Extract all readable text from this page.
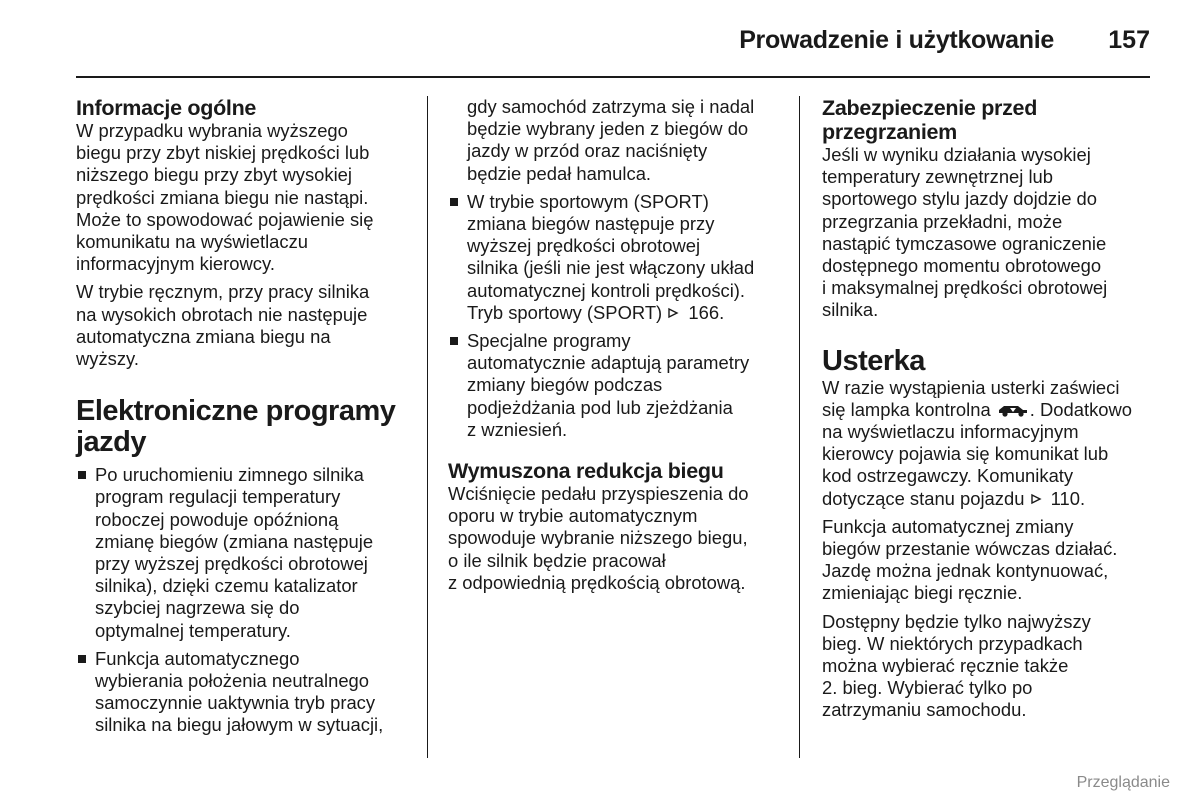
Prowadzenie i użytkowanie 157
Informacje ogólne

W przypadku wybrania wyższego
biegu przy zbyt niskiej prędkości lub
niższego biegu przy zbyt wysokiej
prędkości zmiana biegu nie nastąpi.
Może to spowodować pojawienie się
komunikatu na wyświetlaczu
informacyjnym kierowcy.

W trybie ręcznym, przy pracy silnika
na wysokich obrotach nie następuje
automatyczna zmiana biegu na
wyższy.

Elektroniczne programy
jazdy
Po uruchomieniu zimnego silnika
program regulacji temperatury
roboczej powoduje opóźnioną
zmianę biegów (zmiana następuje
przy wyższej prędkości obrotowej
silnika), dzięki czemu katalizator
szybciej nagrzewa się do
optymalnej temperatury.
Funkcja automatycznego
wybierania położenia neutralnego
samoczynnie uaktywnia tryb pracy
silnika na biegu jałowym w sytuacji,

gdy samochód zatrzyma się i nadal
będzie wybrany jeden z biegów do
jazdy w przód oraz naciśnięty
będzie pedał hamulca.

W trybie sportowym (SPORT)
zmiana biegów następuje przy
wyższej prędkości obrotowej
silnika (jeśli nie jest włączony układ
automatycznej kontroli prędkości).
Tryb sportowy (SPORT)  166.
Specjalne programy
automatycznie adaptują parametry
zmiany biegów podczas
podjeżdżania pod lub zjeżdżania
z wzniesień.
Wymuszona redukcja biegu

Wciśnięcie pedału przyspieszenia do
oporu w trybie automatycznym
spowoduje wybranie niższego biegu,
o ile silnik będzie pracował
z odpowiednią prędkością obrotową.

Zabezpieczenie przed
przegrzaniem

Jeśli w wyniku działania wysokiej
temperatury zewnętrznej lub
sportowego stylu jazdy dojdzie do
przegrzania przekładni, może
nastąpić tymczasowe ograniczenie
dostępnego momentu obrotowego
i maksymalnej prędkości obrotowej
silnika.

Usterka

W razie wystąpienia usterki zaświeci
się lampka kontrolna . Dodatkowo
na wyświetlaczu informacyjnym
kierowcy pojawia się komunikat lub
kod ostrzegawczy. Komunikaty
dotyczące stanu pojazdu  110.

Funkcja automatycznej zmiany
biegów przestanie wówczas działać.
Jazdę można jednak kontynuować,
zmieniając biegi ręcznie.

Dostępny będzie tylko najwyższy
bieg. W niektórych przypadkach
można wybierać ręcznie także
2. bieg. Wybierać tylko po
zatrzymaniu samochodu.

Przeglądanie
